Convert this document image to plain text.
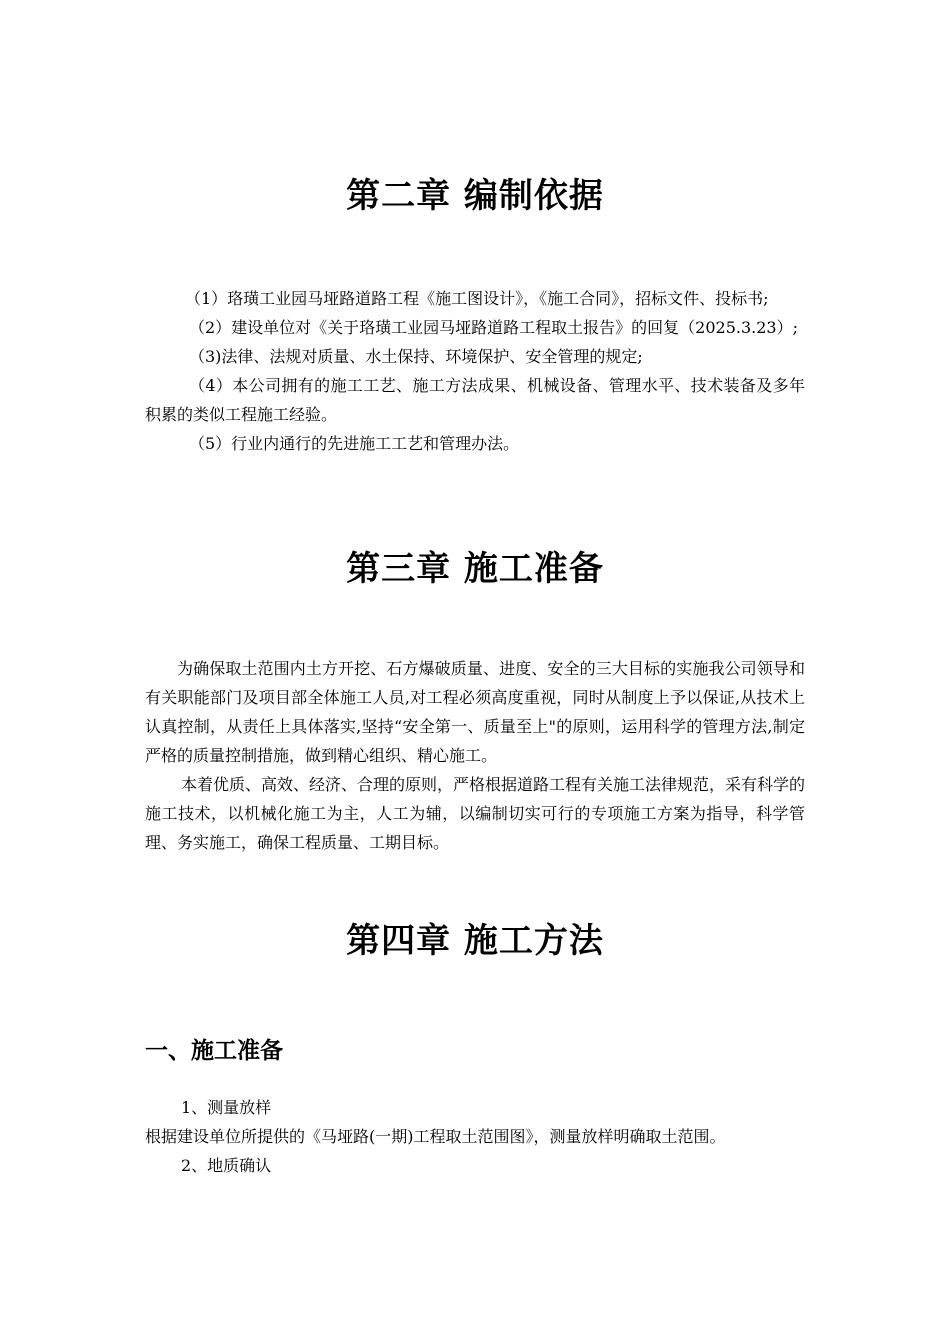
第二章 编制依据

（1）珞璜工业园马垭路道路工程《施工图设计》，《施工合同》，招标文件、投标书;

（2）建设单位对《关于珞璜工业园马垭路道路工程取土报告》的回复（2025.3.23）;

（3)法律、法规对质量、水土保持、环境保护、安全管理的规定;

（4）本公司拥有的施工工艺、施工方法成果、机械设备、管理水平、技术装备及多年积累的类似工程施工经验。

（5）行业内通行的先进施工工艺和管理办法。

第三章 施工准备

为确保取土范围内土方开挖、石方爆破质量、进度、安全的三大目标的实施我公司领导和有关职能部门及项目部全体施工人员,对工程必须高度重视，同时从制度上予以保证,从技术上认真控制，从责任上具体落实,坚持“安全第一、质量至上"的原则，运用科学的管理方法,制定严格的质量控制措施，做到精心组织、精心施工。

本着优质、高效、经济、合理的原则，严格根据道路工程有关施工法律规范，采有科学的施工技术，以机械化施工为主，人工为辅，以编制切实可行的专项施工方案为指导，科学管理、务实施工，确保工程质量、工期目标。

第四章 施工方法
一、施工准备

1、测量放样

根据建设单位所提供的《马垭路(一期)工程取土范围图》，测量放样明确取土范围。

2、地质确认
